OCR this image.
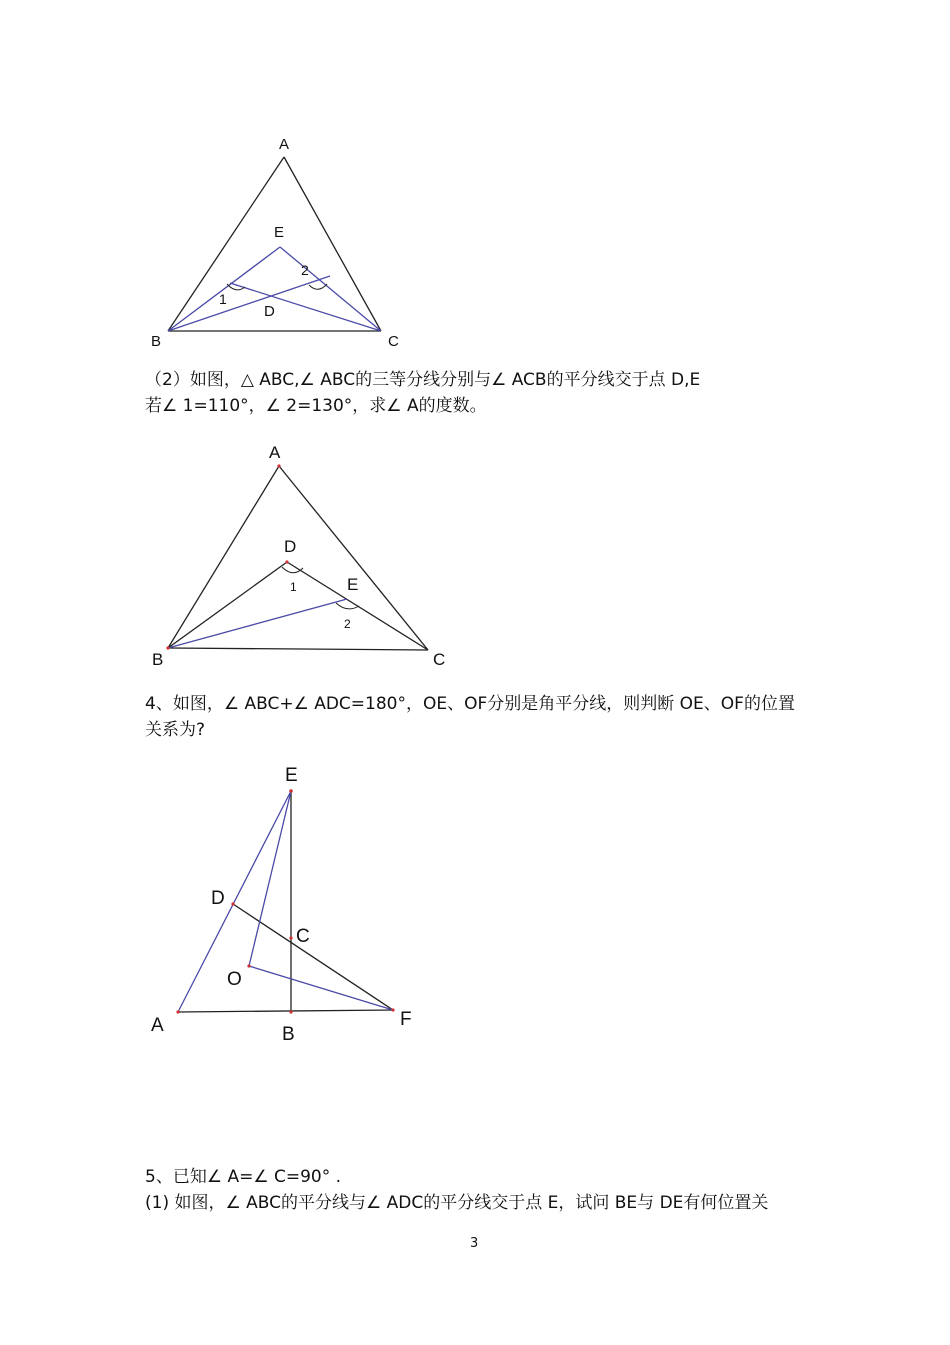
A
E
2
1
D
B	C
A
D
E
1
2
B	C
E
D
C
O
A	B
F
（2）如图，△ ABC,∠ ABC的三等分线分别与∠ ACB的平分线交于点 D,E
若∠ 1=110°，∠ 2=130°，求∠ A的度数。
4、如图，∠ ABC+∠ ADC=180°，OE、OF分别是角平分线，则判断 OE、OF的位置
关系为?
5、已知∠ A=∠ C=90° .
(1) 如图，∠ ABC的平分线与∠ ADC的平分线交于点 E，试问 BE与 DE有何位置关
3
